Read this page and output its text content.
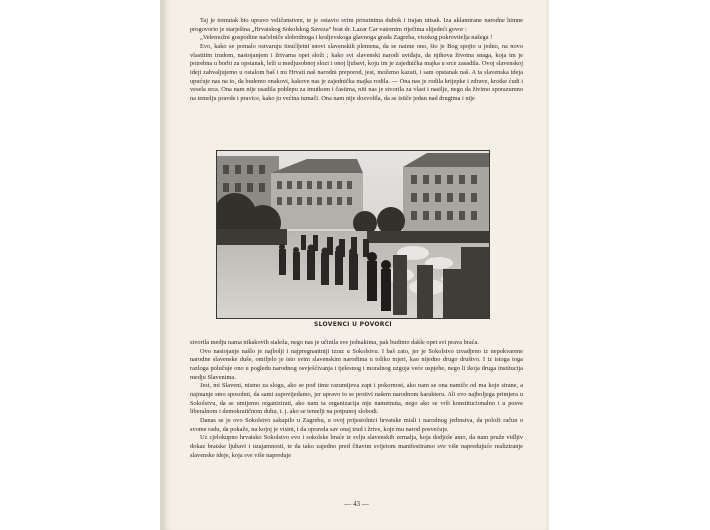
Taj je trenutak bio upravo veličanstven, te je ostavio svim prisutnima dubok i trajan utisak. Iza aklamirane narodne himne progovorio je starješina „Hrvatskog Sokolskog Saveza“ brat dr. Lazar Car vatrenim riječima slijedeći govor :

„Velemožni gospodine načelniče slobodnoga i kraljevskoga glavnoga grada Zagreba, visokog pokroviteljа našega !

Evo, kako se pomalo ostvaruju tisućljetni snovi slavenskih plemena, da se naime ono, što je Bog spojio u jedno, na novo vlastitim trudom, nastojanjem i žrtvama opet složi ; kako svi slavenski narodi uviđaju, da njihova životna snaga, koja im je potrebna u borbi za opstanak, leži u medjusobnoj slozi i onoj ljubavi, koju im je zajednička majka u srce zasadila. Ovoj slavenskoj ideji zahvaljujemo u ostalom baš i mi Hrvati naš narodni preporod, jest, možemo kazati, i sam opstanak naš. A ta slavenska ideja upućuje nas na to, da budemo onakovi, kakove nas je zajednička majka rodila. — Ona nas je rodila krijepke i zdrave, krotke ćudi i vesela srca. Ona nam nije usadila pohlepu za imutkom i častima, niti nas je stvorila za vlast i nasilje, nego da živimo sporazumno na temelju pravde i pravice, kako ju većina tumači. Ona nam nije dozvolila, da se ističe jedan nad drugima i nije

SLOVENCI U POVORCI

stvorila medju nama nikakovih staleža, nego nas je učinila sve jednakima, pak budimo dakle opet svi prava braća.

Ovo nastojanje našlo je najbolji i najpregnantniji izraz u Sokolstvu. I baš zato, jer je Sokolstvo izvadjeno iz nepokvarene narodne slavenske duše, omiljelo je isto svim slavenskim narodima u toliko mjeri, kao nijedno drugo društvo. I iz istoga toga razloga polučuje ono u pogledu narodnog osvješćivanja i tjelesnog i moralnog uzgoja veće uspjehe, nego li ikoja druga institucija medju Slavenima.

Jest, mi Slaveni, nismo za slogu, ako se pod time razumijeva zapt i pokornost, ako nam se ona namiče od ma koje strane, a najmanje smo sposobni, da sami zapovijedamo, jer upravo to se protivi našem narodnom karakteru. Ali evo najboljega primjera u Sokolstvu, da se umijemo organizirati, ako nam ta organizacija nije nametnuta, nego ako se vrši konstitucionalno i u posve liberalnom i demokratičnom duhu, t. j. ako se temelji na potpunoj slobodi.

Danas se je ovo Sokolstvo sakupilo u Zagrebu, u ovoj prijestolnici hrvatske misli i narodnog jedinstva, da položi račun o svome radu, da pokaže, na kojoj je visini, i da opravda sav onaj trud i žrtve, koje mu narod posvećuje.

Uz cjelokupno hrvatsko Sokolstvo evo i sokolske braće iz svlju slavenskih zemalja, koja dodjoše amo, da nam pruže vidljiv dokaz bratske ljubavi i uzajamnosti, te da tako zajedno pred čitavim svijetom manifestiramo sve više napredujuće realiziranje slavenske ideje, koja sve više napreduje

— 43 —
